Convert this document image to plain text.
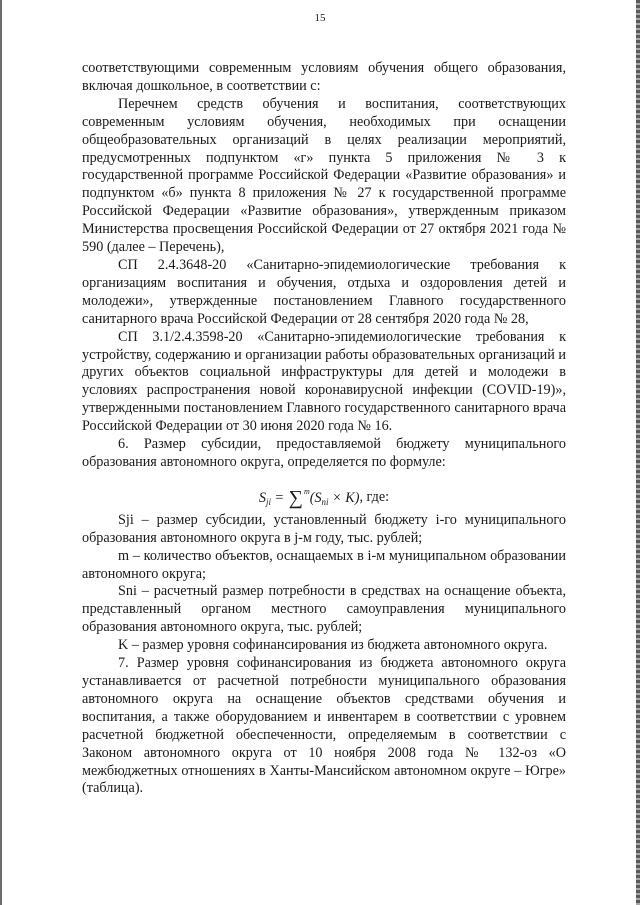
15

соответствующими современным условиям обучения общего образования, включая дошкольное, в соответствии с:

Перечнем средств обучения и воспитания, соответствующих современным условиям обучения, необходимых при оснащении общеобразовательных организаций в целях реализации мероприятий, предусмотренных подпунктом «г» пункта 5 приложения № 3 к государственной программе Российской Федерации «Развитие образования» и подпунктом «б» пункта 8 приложения № 27 к государственной программе Российской Федерации «Развитие образования», утвержденным приказом Министерства просвещения Российской Федерации от 27 октября 2021 года № 590 (далее – Перечень),

СП 2.4.3648-20 «Санитарно-эпидемиологические требования к организациям воспитания и обучения, отдыха и оздоровления детей и молодежи», утвержденные постановлением Главного государственного санитарного врача Российской Федерации от 28 сентября 2020 года № 28,

СП 3.1/2.4.3598-20 «Санитарно-эпидемиологические требования к устройству, содержанию и организации работы образовательных организаций и других объектов социальной инфраструктуры для детей и молодежи в условиях распространения новой коронавирусной инфекции (COVID-19)», утвержденными постановлением Главного государственного санитарного врача Российской Федерации от 30 июня 2020 года № 16.

6. Размер субсидии, предоставляемой бюджету муниципального образования автономного округа, определяется по формуле:

$S_{ji} = \sum^m(S_{ni} \times K)$, где:

Sji – размер субсидии, установленный бюджету i-го муниципального образования автономного округа в j-м году, тыс. рублей;

m – количество объектов, оснащаемых в i-м муниципальном образовании автономного округа;

Sni – расчетный размер потребности в средствах на оснащение объекта, представленный органом местного самоуправления муниципального образования автономного округа, тыс. рублей;

K – размер уровня софинансирования из бюджета автономного округа.

7. Размер уровня софинансирования из бюджета автономного округа устанавливается от расчетной потребности муниципального образования автономного округа на оснащение объектов средствами обучения и воспитания, а также оборудованием и инвентарем в соответствии с уровнем расчетной бюджетной обеспеченности, определяемым в соответствии с Законом автономного округа от 10 ноября 2008 года № 132-оз «О межбюджетных отношениях в Ханты-Мансийском автономном округе – Югре» (таблица).
